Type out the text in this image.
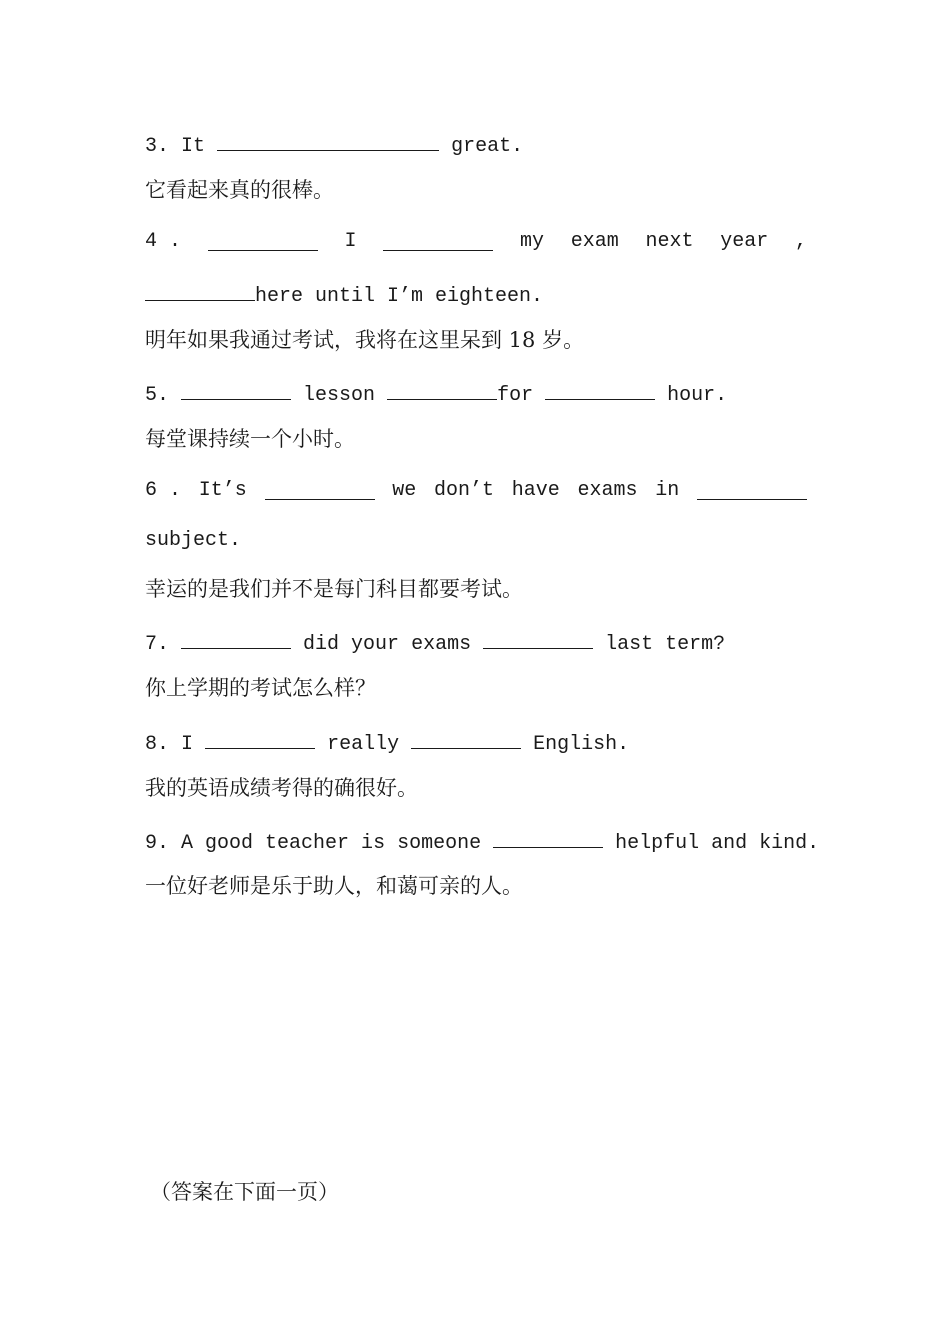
3. It	great.
它看起来真的很棒。
4 .	I	my exam next year ,
here until I’m eighteen.
明年如果我通过考试，我将在这里呆到 18 岁。
5.	lesson	for	hour.
每堂课持续一个小时。
6 . It’s	we don’t have exams in
subject.
幸运的是我们并不是每门科目都要考试。
7.	did your exams	last term?
你上学期的考试怎么样？
8. I	really	English.
我的英语成绩考得的确很好。
9. A good teacher is someone	helpful and kind.
一位好老师是乐于助人，和蔼可亲的人。
（答案在下面一页）
